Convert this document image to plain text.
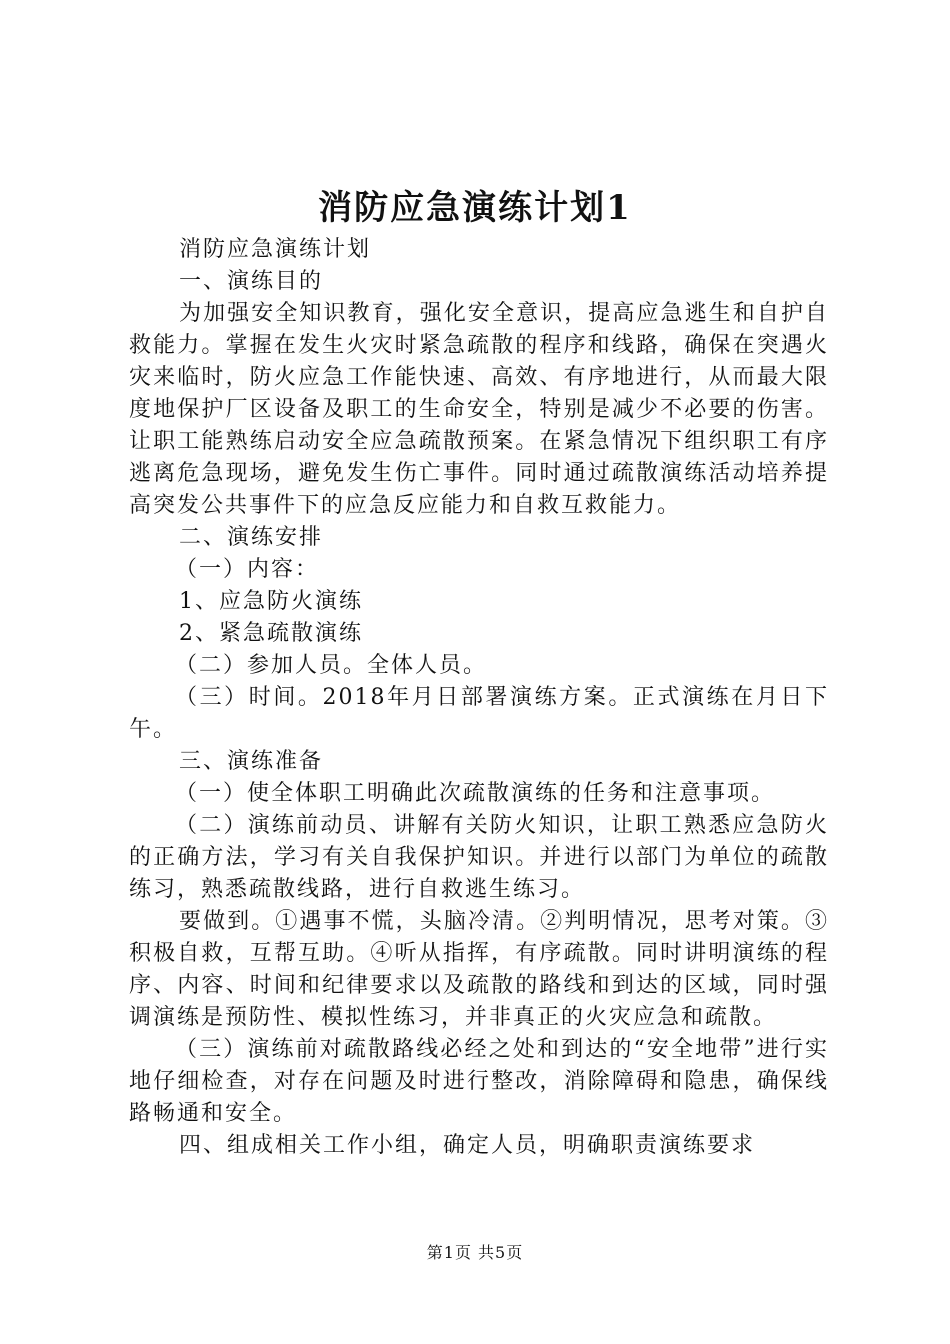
消防应急演练计划1

消防应急演练计划

一、演练目的

为加强安全知识教育，强化安全意识，提高应急逃生和自护自救能力。掌握在发生火灾时紧急疏散的程序和线路，确保在突遇火灾来临时，防火应急工作能快速、高效、有序地进行，从而最大限度地保护厂区设备及职工的生命安全，特别是减少不必要的伤害。让职工能熟练启动安全应急疏散预案。在紧急情况下组织职工有序逃离危急现场，避免发生伤亡事件。同时通过疏散演练活动培养提高突发公共事件下的应急反应能力和自救互救能力。

二、演练安排

（一）内容：

1、应急防火演练

2、紧急疏散演练

（二）参加人员。全体人员。

（三）时间。2018年月日部署演练方案。正式演练在月日下午。

三、演练准备

（一）使全体职工明确此次疏散演练的任务和注意事项。

（二）演练前动员、讲解有关防火知识，让职工熟悉应急防火的正确方法，学习有关自我保护知识。并进行以部门为单位的疏散练习，熟悉疏散线路，进行自救逃生练习。

要做到。①遇事不慌，头脑冷清。②判明情况，思考对策。③积极自救，互帮互助。④听从指挥，有序疏散。同时讲明演练的程序、内容、时间和纪律要求以及疏散的路线和到达的区域，同时强调演练是预防性、模拟性练习，并非真正的火灾应急和疏散。

（三）演练前对疏散路线必经之处和到达的“安全地带”进行实地仔细检查，对存在问题及时进行整改，消除障碍和隐患，确保线路畅通和安全。

四、组成相关工作小组，确定人员，明确职责演练要求

第1页 共5页
